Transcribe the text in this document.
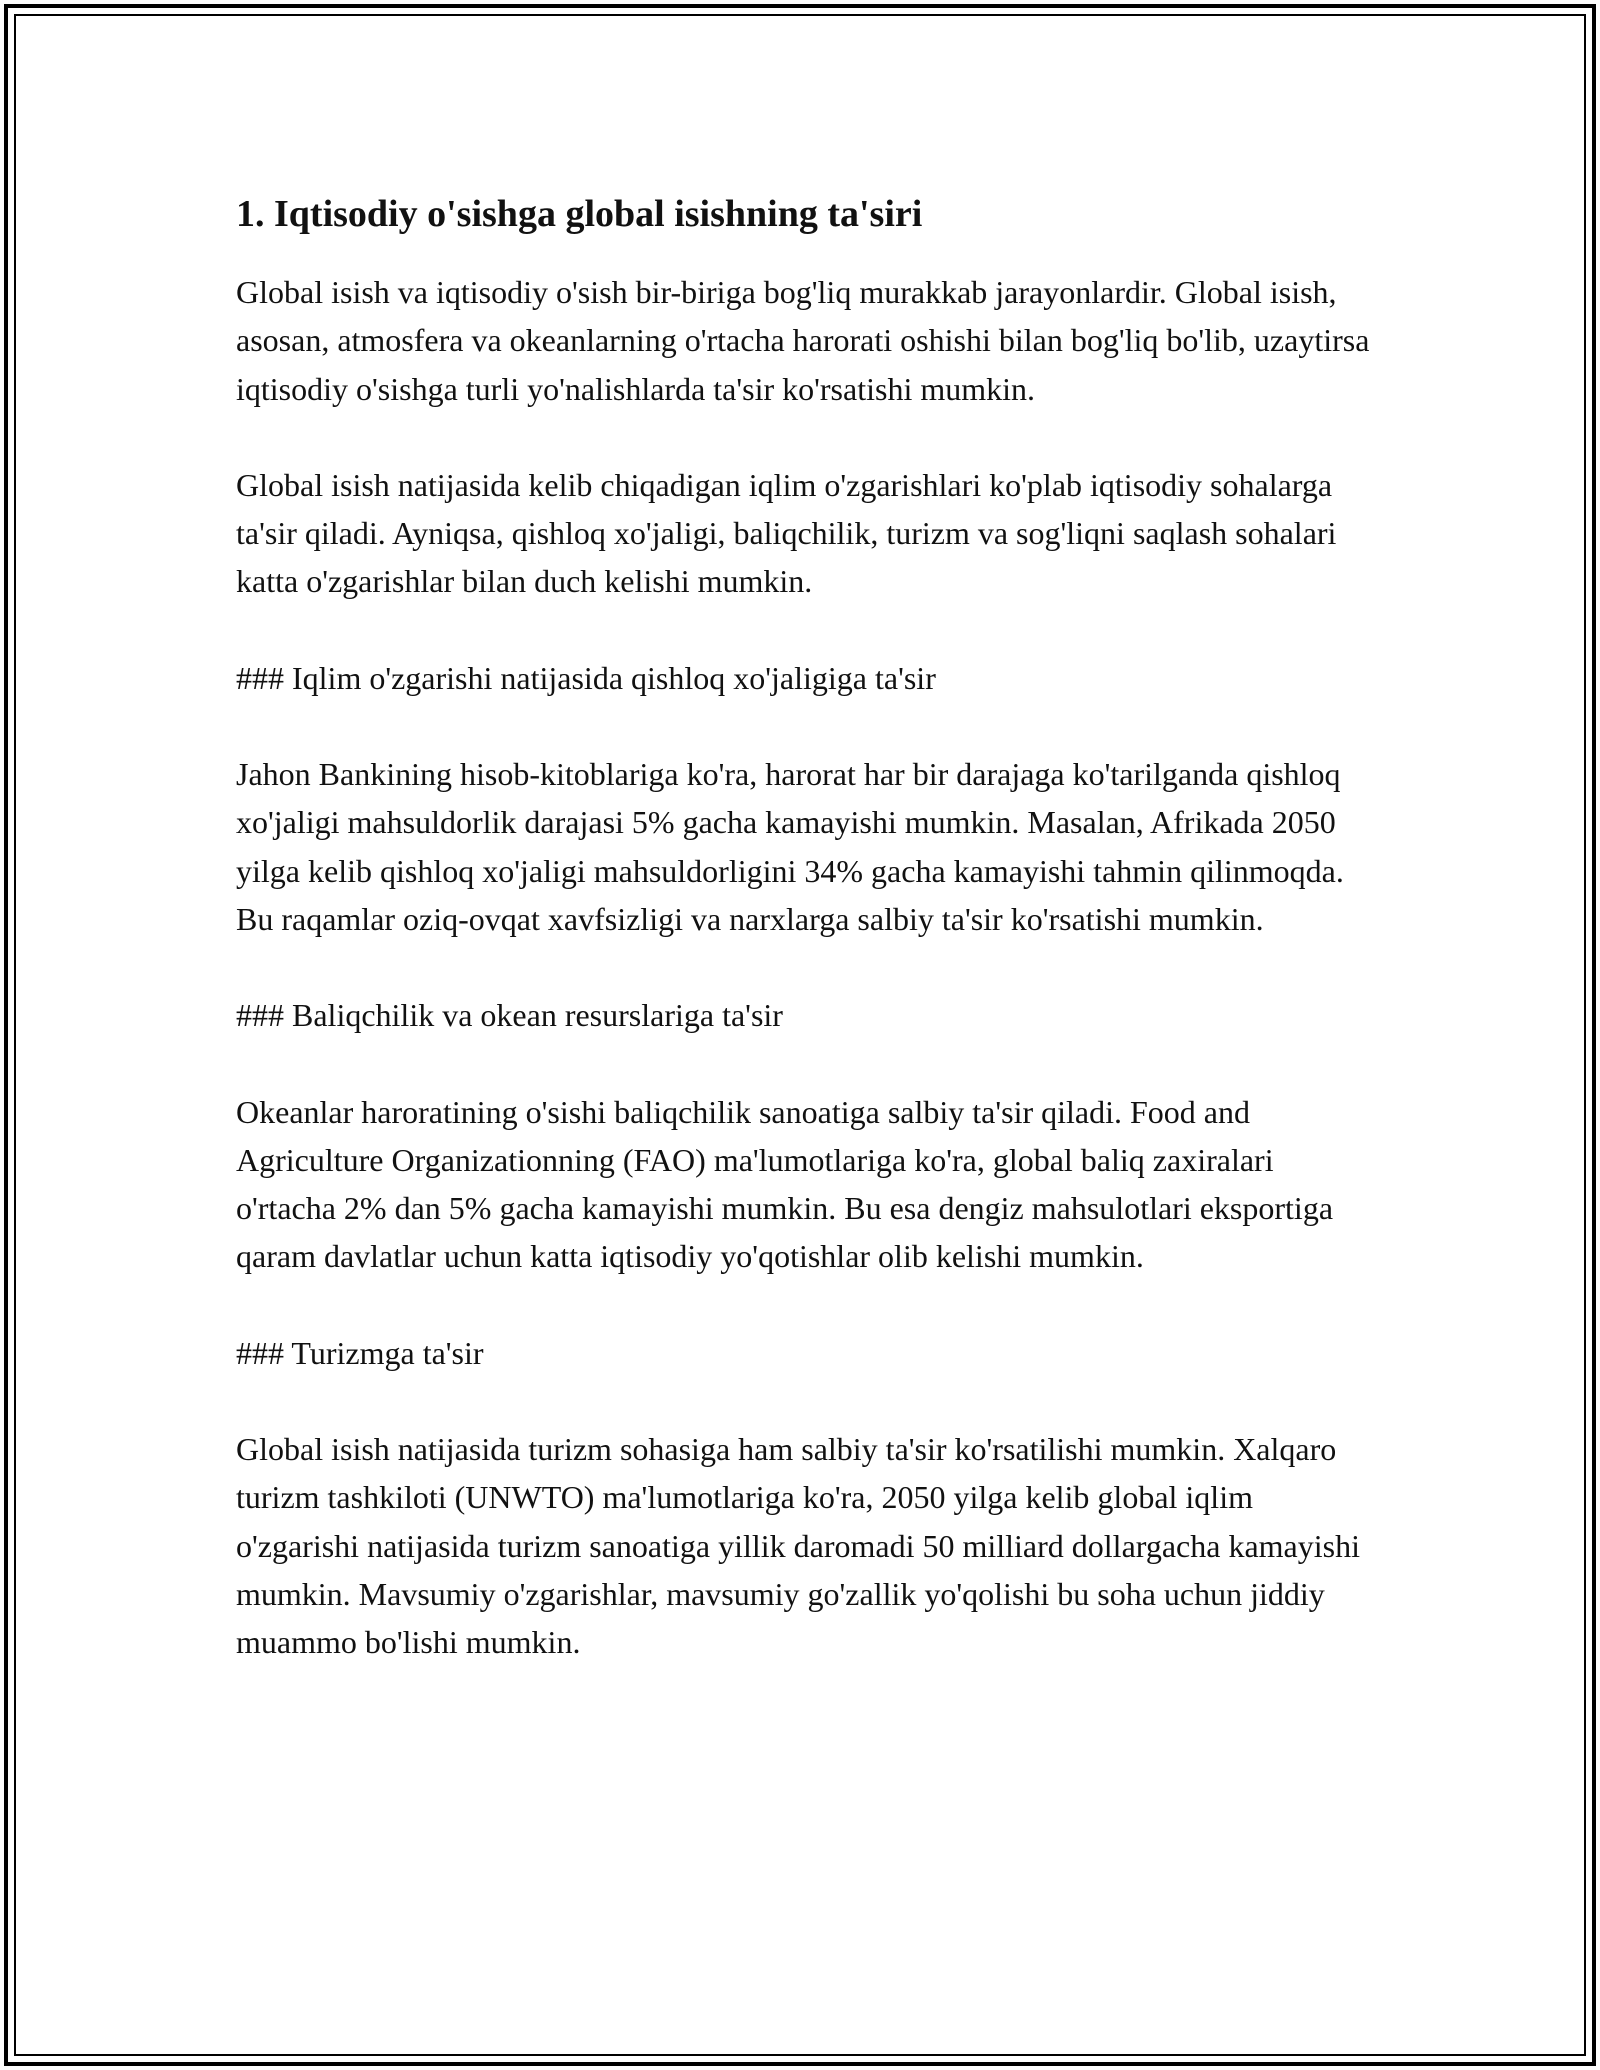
1. Iqtisodiy o'sishga global isishning ta'siri

Global isish va iqtisodiy o'sish bir-biriga bog'liq murakkab jarayonlardir. Global isish, asosan, atmosfera va okeanlarning o'rtacha harorati oshishi bilan bog'liq bo'lib, uzaytirsa iqtisodiy o'sishga turli yo'nalishlarda ta'sir ko'rsatishi mumkin.

Global isish natijasida kelib chiqadigan iqlim o'zgarishlari ko'plab iqtisodiy sohalarga ta'sir qiladi. Ayniqsa, qishloq xo'jaligi, baliqchilik, turizm va sog'liqni saqlash sohalari katta o'zgarishlar bilan duch kelishi mumkin.

### Iqlim o'zgarishi natijasida qishloq xo'jaligiga ta'sir

Jahon Bankining hisob-kitoblariga ko'ra, harorat har bir darajaga ko'tarilganda qishloq xo'jaligi mahsuldorlik darajasi 5% gacha kamayishi mumkin. Masalan, Afrikada 2050 yilga kelib qishloq xo'jaligi mahsuldorligini 34% gacha kamayishi tahmin qilinmoqda. Bu raqamlar oziq-ovqat xavfsizligi va narxlarga salbiy ta'sir ko'rsatishi mumkin.

### Baliqchilik va okean resurslariga ta'sir

Okeanlar haroratining o'sishi baliqchilik sanoatiga salbiy ta'sir qiladi. Food and Agriculture Organizationning (FAO) ma'lumotlariga ko'ra, global baliq zaxiralari o'rtacha 2% dan 5% gacha kamayishi mumkin. Bu esa dengiz mahsulotlari eksportiga qaram davlatlar uchun katta iqtisodiy yo'qotishlar olib kelishi mumkin.

### Turizmga ta'sir

Global isish natijasida turizm sohasiga ham salbiy ta'sir ko'rsatilishi mumkin. Xalqaro turizm tashkiloti (UNWTO) ma'lumotlariga ko'ra, 2050 yilga kelib global iqlim o'zgarishi natijasida turizm sanoatiga yillik daromadi 50 milliard dollargacha kamayishi mumkin. Mavsumiy o'zgarishlar, mavsumiy go'zallik yo'qolishi bu soha uchun jiddiy muammo bo'lishi mumkin.
